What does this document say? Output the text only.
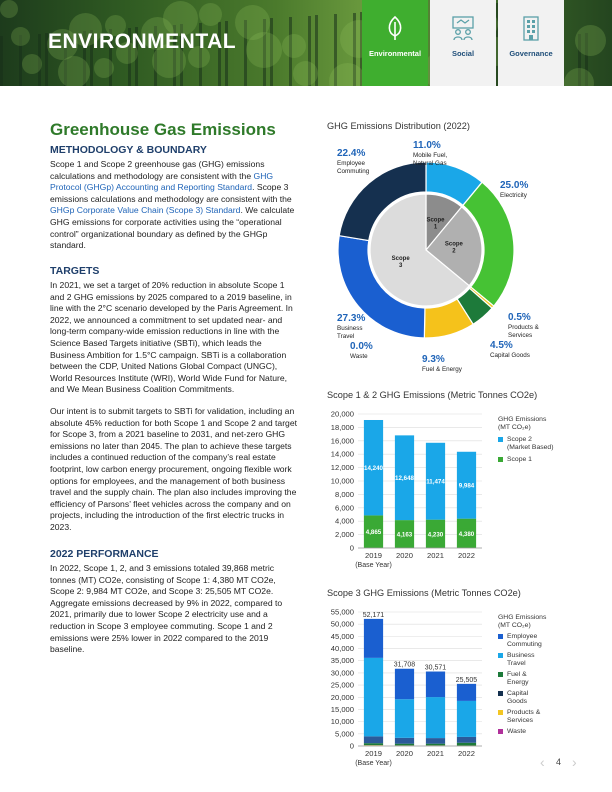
ENVIRONMENTAL
Environmental	Social	Governance
Greenhouse Gas Emissions
METHODOLOGY & BOUNDARY
Scope 1 and Scope 2 greenhouse gas (GHG) emissions calculations and methodology are consistent with the GHG Protocol (GHGp) Accounting and Reporting Standard. Scope 3 emissions calculations and methodology are consistent with the GHGp Corporate Value Chain (Scope 3) Standard. We calculate GHG emissions for corporate activities using the “operational control” organizational boundary as defined by the GHGp standard.
TARGETS
In 2021, we set a target of 20% reduction in absolute Scope 1 and 2 GHG emissions by 2025 compared to a 2019 baseline, in line with the 2°C scenario developed by the Paris Agreement. In 2022, we announced a commitment to set updated near- and long-term company-wide emission reductions in line with the Science Based Targets initiative (SBTi), which leads the Business Ambition for 1.5°C campaign. SBTi is a collaboration between the CDP, United Nations Global Compact (UNGC), World Resources Institute (WRI), World Wide Fund for Nature, and We Mean Business Coalition Commitments.
Our intent is to submit targets to SBTi for validation, including an absolute 45% reduction for both Scope 1 and Scope 2 and target for Scope 3, from a 2021 baseline to 2031, and net-zero GHG emissions no later than 2045. The plan to achieve these targets includes a continued reduction of the company’s real estate footprint, low carbon energy procurement, ongoing flexible work options for employees, and the management of both business travel and the supply chain. The plan also includes improving the efficiency of Parsons’ fleet vehicles across the company and on projects, including the introduction of the first electric trucks in 2023.
2022 PERFORMANCE
In 2022, Scope 1, 2, and 3 emissions totaled 39,868 metric tonnes (MT) CO2e, consisting of Scope 1: 4,380 MT CO2e, Scope 2: 9,984 MT CO2e, and Scope 3: 25,505 MT CO2e. Aggregate emissions decreased by 9% in 2022, compared to 2021, primarily due to lower Scope 2 electricity use and a reduction in Scope 3 employee commuting. Scope 1 and 2 emissions were 25% lower in 2022 compared to the 2019 baseline.
GHG Emissions Distribution (2022)
Scope 1
Scope 2
Scope 3
11.0%
Mobile Fuel, Natural Gas
25.0%
Electricity
0.5%
Products & Services
4.5%
Capital Goods
9.3%
Fuel & Energy
0.0%
Waste
27.3%
Business Travel
22.4%
Employee Commuting
Scope 1 & 2 GHG Emissions (Metric Tonnes CO2e)
0
2,000
4,000
6,000
8,000
10,000
12,000
14,000
16,000
18,000
20,000
4,865
14,240
2019
(Base Year)
4,163
12,648
2020
4,230
11,474
2021
4,380
9,984
2022
GHG Emissions
(MT CO₂e)
Scope 2
(Market Based)
Scope 1
Scope 3 GHG Emissions (Metric Tonnes CO2e)
0
5,000
10,000
15,000
20,000
25,000
30,000
35,000
40,000
45,000
50,000
55,000 52,171
2019
(Base Year)
31,708
2020
30,571
2021
25,505
2022
GHG Emissions
(MT CO₂e)
Employee
Commuting
Business
Travel
Fuel &
Energy
Capital
Goods
Products &
Services
Waste
‹ 4 ›
